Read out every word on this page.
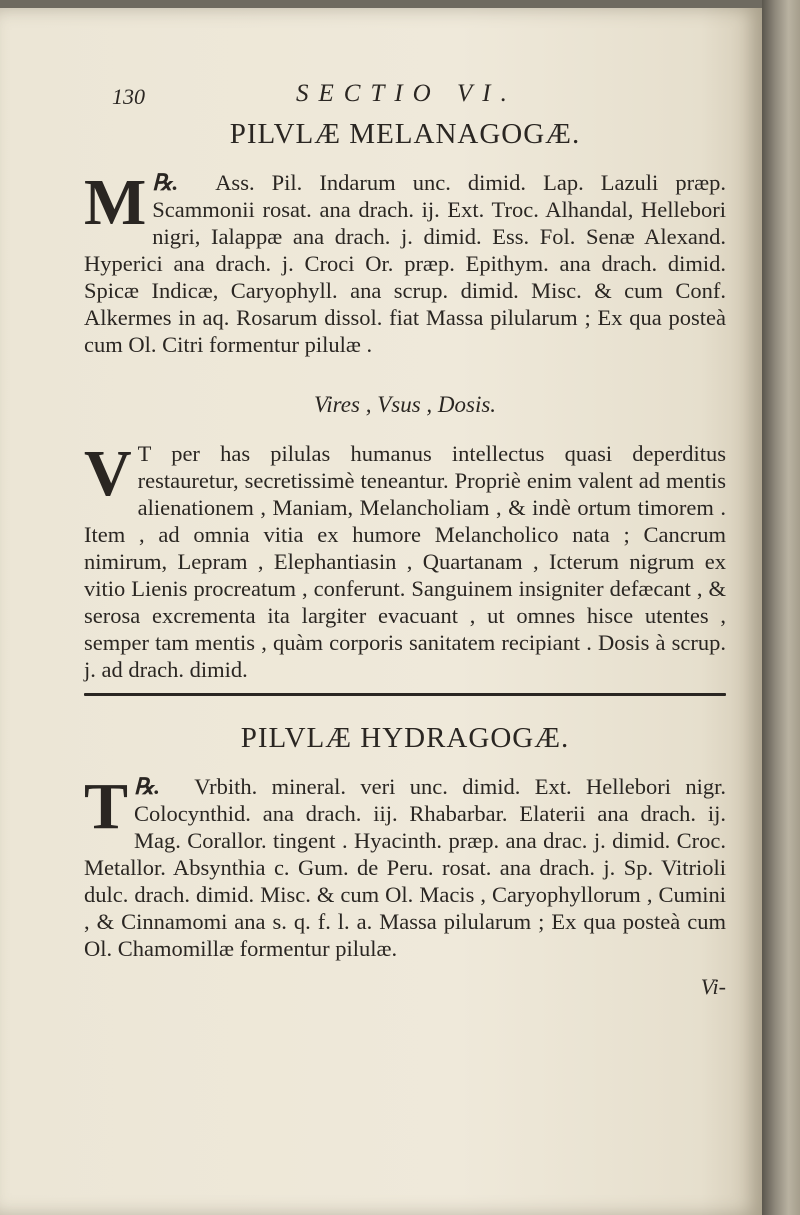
130	SECTIO VI.
PILVLÆ MELANAGOGÆ.

℞.
M	Ass. Pil. Indarum unc. dimid. Lap. Lazuli præp. Scammonii rosat. ana drach. ij. Ext. Troc. Alhandal, Hellebori nigri, Ialappæ ana drach. j. dimid. Ess. Fol. Senæ Alexand. Hyperici ana drach. j. Croci Or. præp. Epithym. ana drach. dimid. Spicæ Indicæ, Caryophyll. ana scrup. dimid. Misc. & cum Conf. Alkermes in aq. Rosarum dissol. fiat Massa pilularum ; Ex qua posteà cum Ol. Citri formentur pilulæ .

Vires , Vsus , Dosis.

V T per has pilulas humanus intellectus quasi deperditus restauretur, secretissimè teneantur. Propriè enim valent ad mentis alienationem , Maniam, Melancholiam , & indè ortum timorem . Item , ad omnia vitia ex humore Melancholico nata ; Cancrum nimirum, Lepram , Elephantiasin , Quartanam , Icterum nigrum ex vitio Lienis procreatum , conferunt. Sanguinem insigniter defæcant , & serosa excrementa ita largiter evacuant , ut omnes hisce utentes , semper tam mentis , quàm corporis sanitatem recipiant . Dosis à scrup. j. ad drach. dimid.

PILVLÆ HYDRAGOGÆ.

℞.
T	Vrbith. mineral. veri unc. dimid. Ext. Hellebori nigr. Colocynthid. ana drach. iij. Rhabarbar. Elaterii ana drach. ij. Mag. Corallor. tingent . Hyacinth. præp. ana drac. j. dimid. Croc. Metallor. Absynthia c. Gum. de Peru. rosat. ana drach. j. Sp. Vitrioli dulc. drach. dimid. Misc. & cum Ol. Macis , Caryophyllorum , Cumini , & Cinnamomi ana s. q. f. l. a. Massa pilularum ; Ex qua posteà cum Ol. Chamomillæ formentur pilulæ.

Vi-
